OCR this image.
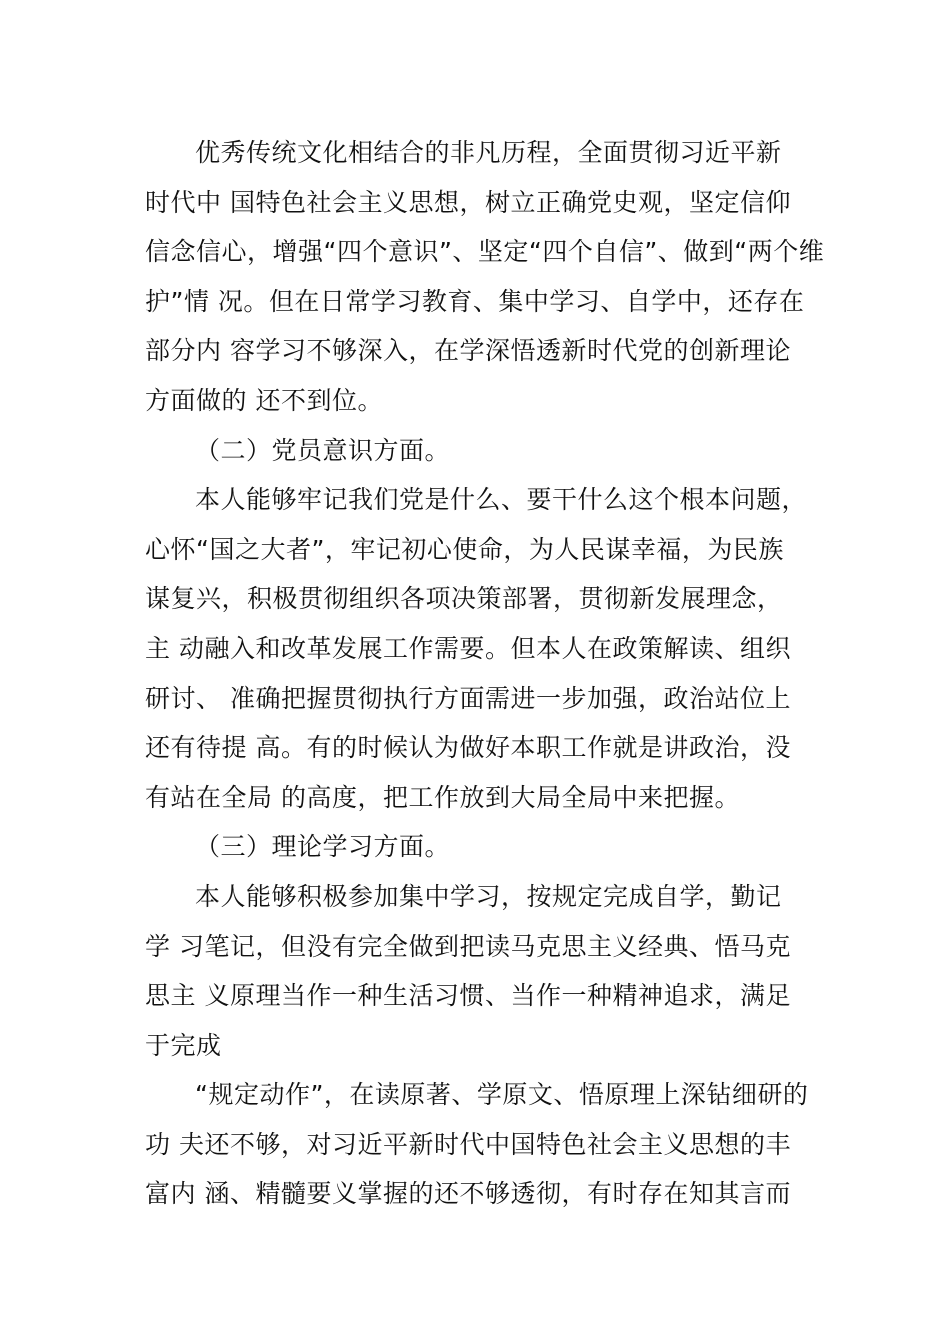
优秀传统文化相结合的非凡历程，全面贯彻习近平新
时代中 国特色社会主义思想，树立正确党史观，坚定信仰
信念信心，增强“四个意识”、坚定“四个自信”、做到“两个维
护”情 况。但在日常学习教育、集中学习、自学中，还存在
部分内 容学习不够深入，在学深悟透新时代党的创新理论
方面做的 还不到位。
（二）党员意识方面。
本人能够牢记我们党是什么、要干什么这个根本问题，
心怀“国之大者”，牢记初心使命，为人民谋幸福，为民族
谋复兴，积极贯彻组织各项决策部署，贯彻新发展理念，
主 动融入和改革发展工作需要。但本人在政策解读、组织
研讨、 准确把握贯彻执行方面需进一步加强，政治站位上
还有待提 高。有的时候认为做好本职工作就是讲政治，没
有站在全局 的高度，把工作放到大局全局中来把握。
（三）理论学习方面。
本人能够积极参加集中学习，按规定完成自学，勤记
学 习笔记，但没有完全做到把读马克思主义经典、悟马克
思主 义原理当作一种生活习惯、当作一种精神追求，满足
于完成
“规定动作”，在读原著、学原文、悟原理上深钻细研的
功 夫还不够，对习近平新时代中国特色社会主义思想的丰
富内 涵、精髓要义掌握的还不够透彻，有时存在知其言而
